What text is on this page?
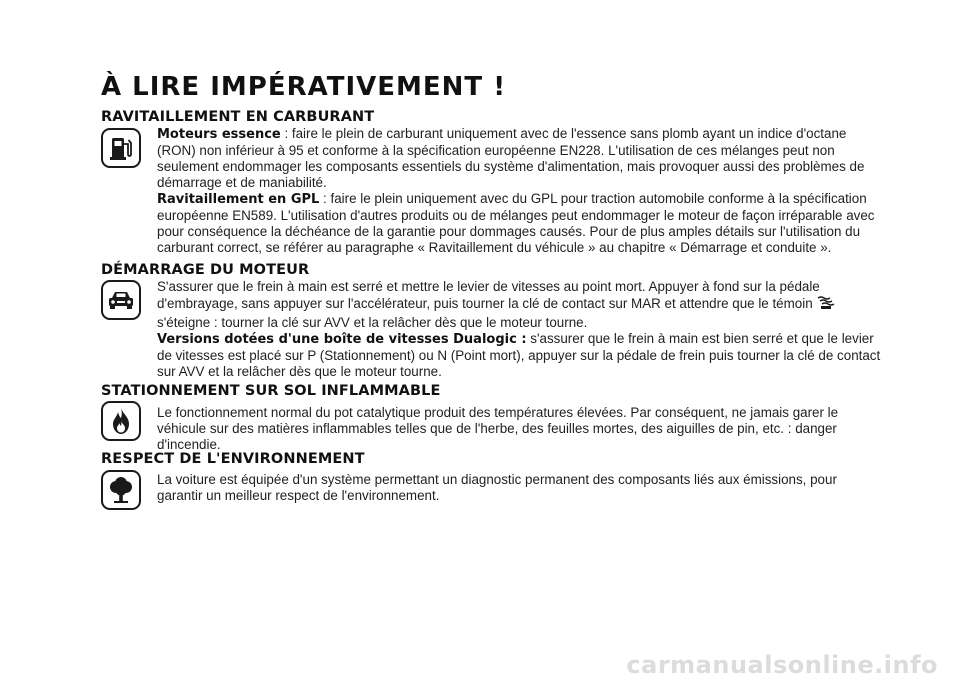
À LIRE IMPÉRATIVEMENT !
RAVITAILLEMENT EN CARBURANT

Moteurs essence : faire le plein de carburant uniquement avec de l'essence sans plomb ayant un indice d'octane (RON) non inférieur à 95 et conforme à la spécification européenne EN228. L'utilisation de ces mélanges peut non seulement endommager les composants essentiels du système d'alimentation, mais provoquer aussi des problèmes de démarrage et de maniabilité.

Ravitaillement en GPL : faire le plein uniquement avec du GPL pour traction automobile conforme à la spécification européenne EN589. L'utilisation d'autres produits ou de mélanges peut endommager le moteur de façon irréparable avec pour conséquence la déchéance de la garantie pour dommages causés. Pour de plus amples détails sur l'utilisation du carburant correct, se référer au paragraphe « Ravitaillement du véhicule » au chapitre « Démarrage et conduite ».

DÉMARRAGE DU MOTEUR

S'assurer que le frein à main est serré et mettre le levier de vitesses au point mort. Appuyer à fond sur la pédale d'embrayage, sans appuyer sur l'accélérateur, puis tourner la clé de contact sur MAR et attendre que le témoin
s'éteigne : tourner la clé sur AVV et la relâcher dès que le moteur tourne.

Versions dotées d'une boîte de vitesses Dualogic : s'assurer que le frein à main est bien serré et que le levier de vitesses est placé sur P (Stationnement) ou N (Point mort), appuyer sur la pédale de frein puis tourner la clé de contact sur AVV et la relâcher dès que le moteur tourne.

STATIONNEMENT SUR SOL INFLAMMABLE

Le fonctionnement normal du pot catalytique produit des températures élevées. Par conséquent, ne jamais garer le véhicule sur des matières inflammables telles que de l'herbe, des feuilles mortes, des aiguilles de pin, etc. : danger d'incendie.

RESPECT DE L'ENVIRONNEMENT

La voiture est équipée d'un système permettant un diagnostic permanent des composants liés aux émissions, pour garantir un meilleur respect de l'environnement.

carmanualsonline.info
